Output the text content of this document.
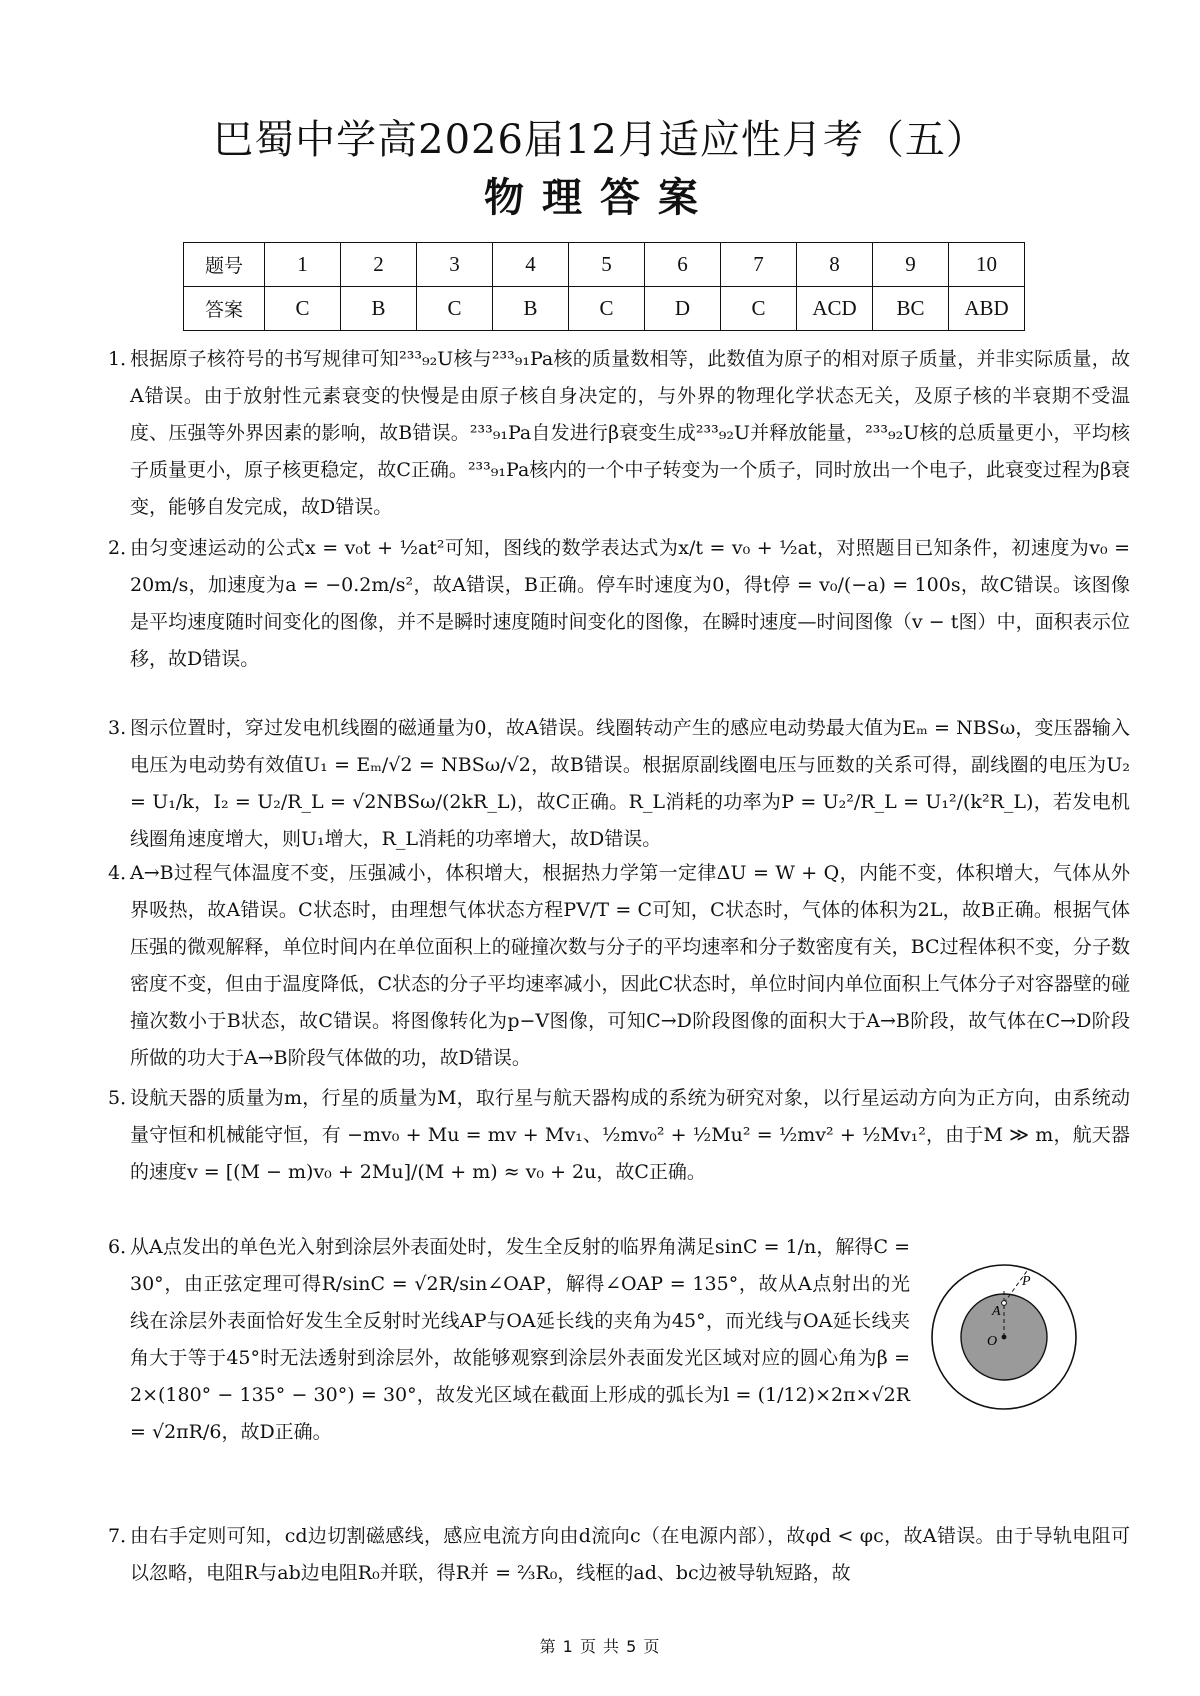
巴蜀中学高2026届12月适应性月考（五）
物理答案
题号	1	2	3	4	5	6	7	8	9	10
答案	C	B	C	B	C	D	C	ACD	BC	ABD
1．
根据原子核符号的书写规律可知²³³₉₂U核与²³³₉₁Pa核的质量数相等，此数值为原子的相对原子质量，并非实际质量，故A错误。由于放射性元素衰变的快慢是由原子核自身决定的，与外界的物理化学状态无关，及原子核的半衰期不受温度、压强等外界因素的影响，故B错误。²³³₉₁Pa自发进行β衰变生成²³³₉₂U并释放能量，²³³₉₂U核的总质量更小，平均核子质量更小，原子核更稳定，故C正确。²³³₉₁Pa核内的一个中子转变为一个质子，同时放出一个电子，此衰变过程为β衰变，能够自发完成，故D错误。
2．
由匀变速运动的公式x = v₀t + ½at²可知，图线的数学表达式为x/t = v₀ + ½at，对照题目已知条件，初速度为v₀ = 20m/s，加速度为a = −0.2m/s²，故A错误，B正确。停车时速度为0，得t停 = v₀/(−a) = 100s，故C错误。该图像是平均速度随时间变化的图像，并不是瞬时速度随时间变化的图像，在瞬时速度—时间图像（v − t图）中，面积表示位移，故D错误。
3. 图示位置时，穿过发电机线圈的磁通量为0，故A错误。线圈转动产生的感应电动势最大值为Eₘ = NBSω，变压器输入电压为电动势有效值U₁ = Eₘ/√2 = NBSω/√2，故B错误。根据原副线圈电压与匝数的关系可得，副线圈的电压为U₂ = U₁/k，I₂ = U₂/R_L = √2NBSω/(2kR_L)，故C正确。R_L消耗的功率为P = U₂²/R_L = U₁²/(k²R_L)，若发电机线圈角速度增大，则U₁增大，R_L消耗的功率增大，故D错误。
4．
A→B过程气体温度不变，压强减小，体积增大，根据热力学第一定律ΔU = W + Q，内能不变，体积增大，气体从外界吸热，故A错误。C状态时，由理想气体状态方程PV/T = C可知，C状态时，气体的体积为2L，故B正确。根据气体压强的微观解释，单位时间内在单位面积上的碰撞次数与分子的平均速率和分子数密度有关，BC过程体积不变，分子数密度不变，但由于温度降低，C状态的分子平均速率减小，因此C状态时，单位时间内单位面积上气体分子对容器壁的碰撞次数小于B状态，故C错误。将图像转化为p−V图像，可知C→D阶段图像的面积大于A→B阶段，故气体在C→D阶段所做的功大于A→B阶段气体做的功，故D错误。
5．
设航天器的质量为m，行星的质量为M，取行星与航天器构成的系统为研究对象，以行星运动方向为正方向，由系统动量守恒和机械能守恒，有 −mv₀ + Mu = mv + Mv₁、½mv₀² + ½Mu² = ½mv² + ½Mv₁²，由于M ≫ m，航天器的速度v = [(M − m)v₀ + 2Mu]/(M + m) ≈ v₀ + 2u，故C正确。
6．
从A点发出的单色光入射到涂层外表面处时，发生全反射的临界角满足sinC = 1/n，解得C = 30°，由正弦定理可得R/sinC = √2R/sin∠OAP，解得∠OAP = 135°，故从A点射出的光线在涂层外表面恰好发生全反射时光线AP与OA延长线的夹角为45°，而光线与OA延长线夹角大于等于45°时无法透射到涂层外，故能够观察到涂层外表面发光区域对应的圆心角为β = 2×(180° − 135° − 30°) = 30°，故发光区域在截面上形成的弧长为l = (1/12)×2π×√2R = √2πR/6，故D正确。
A
O
P
7．
由右手定则可知，cd边切割磁感线，感应电流方向由d流向c（在电源内部），故φd < φc，故A错误。由于导轨电阻可以忽略，电阻R与ab边电阻R₀并联，得R并 = ⅔R₀，线框的ad、bc边被导轨短路，故
第 1 页 共 5 页
